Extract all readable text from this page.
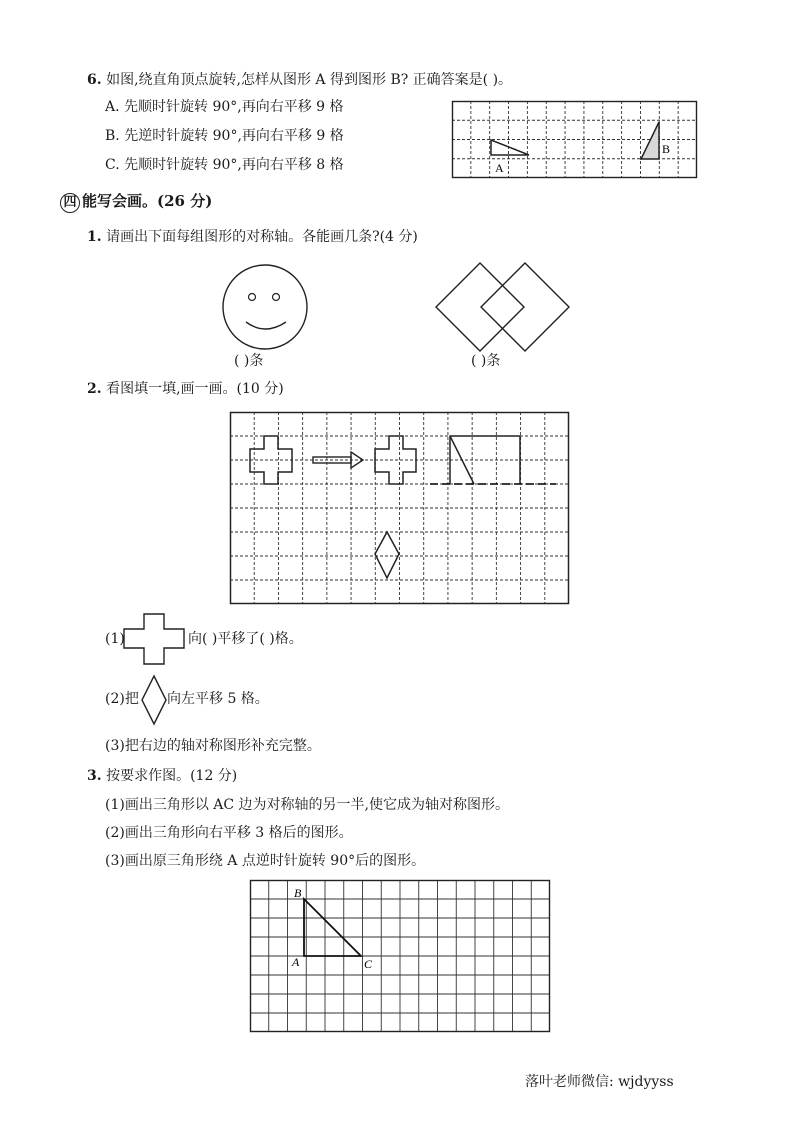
6. 如图,绕直角顶点旋转,怎样从图形 A 得到图形 B? 正确答案是( )。
A. 先顺时针旋转 90°,再向右平移 9 格
B. 先逆时针旋转 90°,再向右平移 9 格
C. 先顺时针旋转 90°,再向右平移 8 格	A
B
四 能写会画。(26 分)
1. 请画出下面每组图形的对称轴。各能画几条?(4 分)
( )条	( )条
2. 看图填一填,画一画。(10 分)
(1)	向( )平移了( )格。
(2)把 向左平移 5 格。
(3)把右边的轴对称图形补充完整。
3. 按要求作图。(12 分)
(1)画出三角形以 AC 边为对称轴的另一半,使它成为轴对称图形。
(2)画出三角形向右平移 3 格后的图形。
(3)画出原三角形绕 A 点逆时针旋转 90°后的图形。
B
A	C
落叶老师微信: wjdyyss
